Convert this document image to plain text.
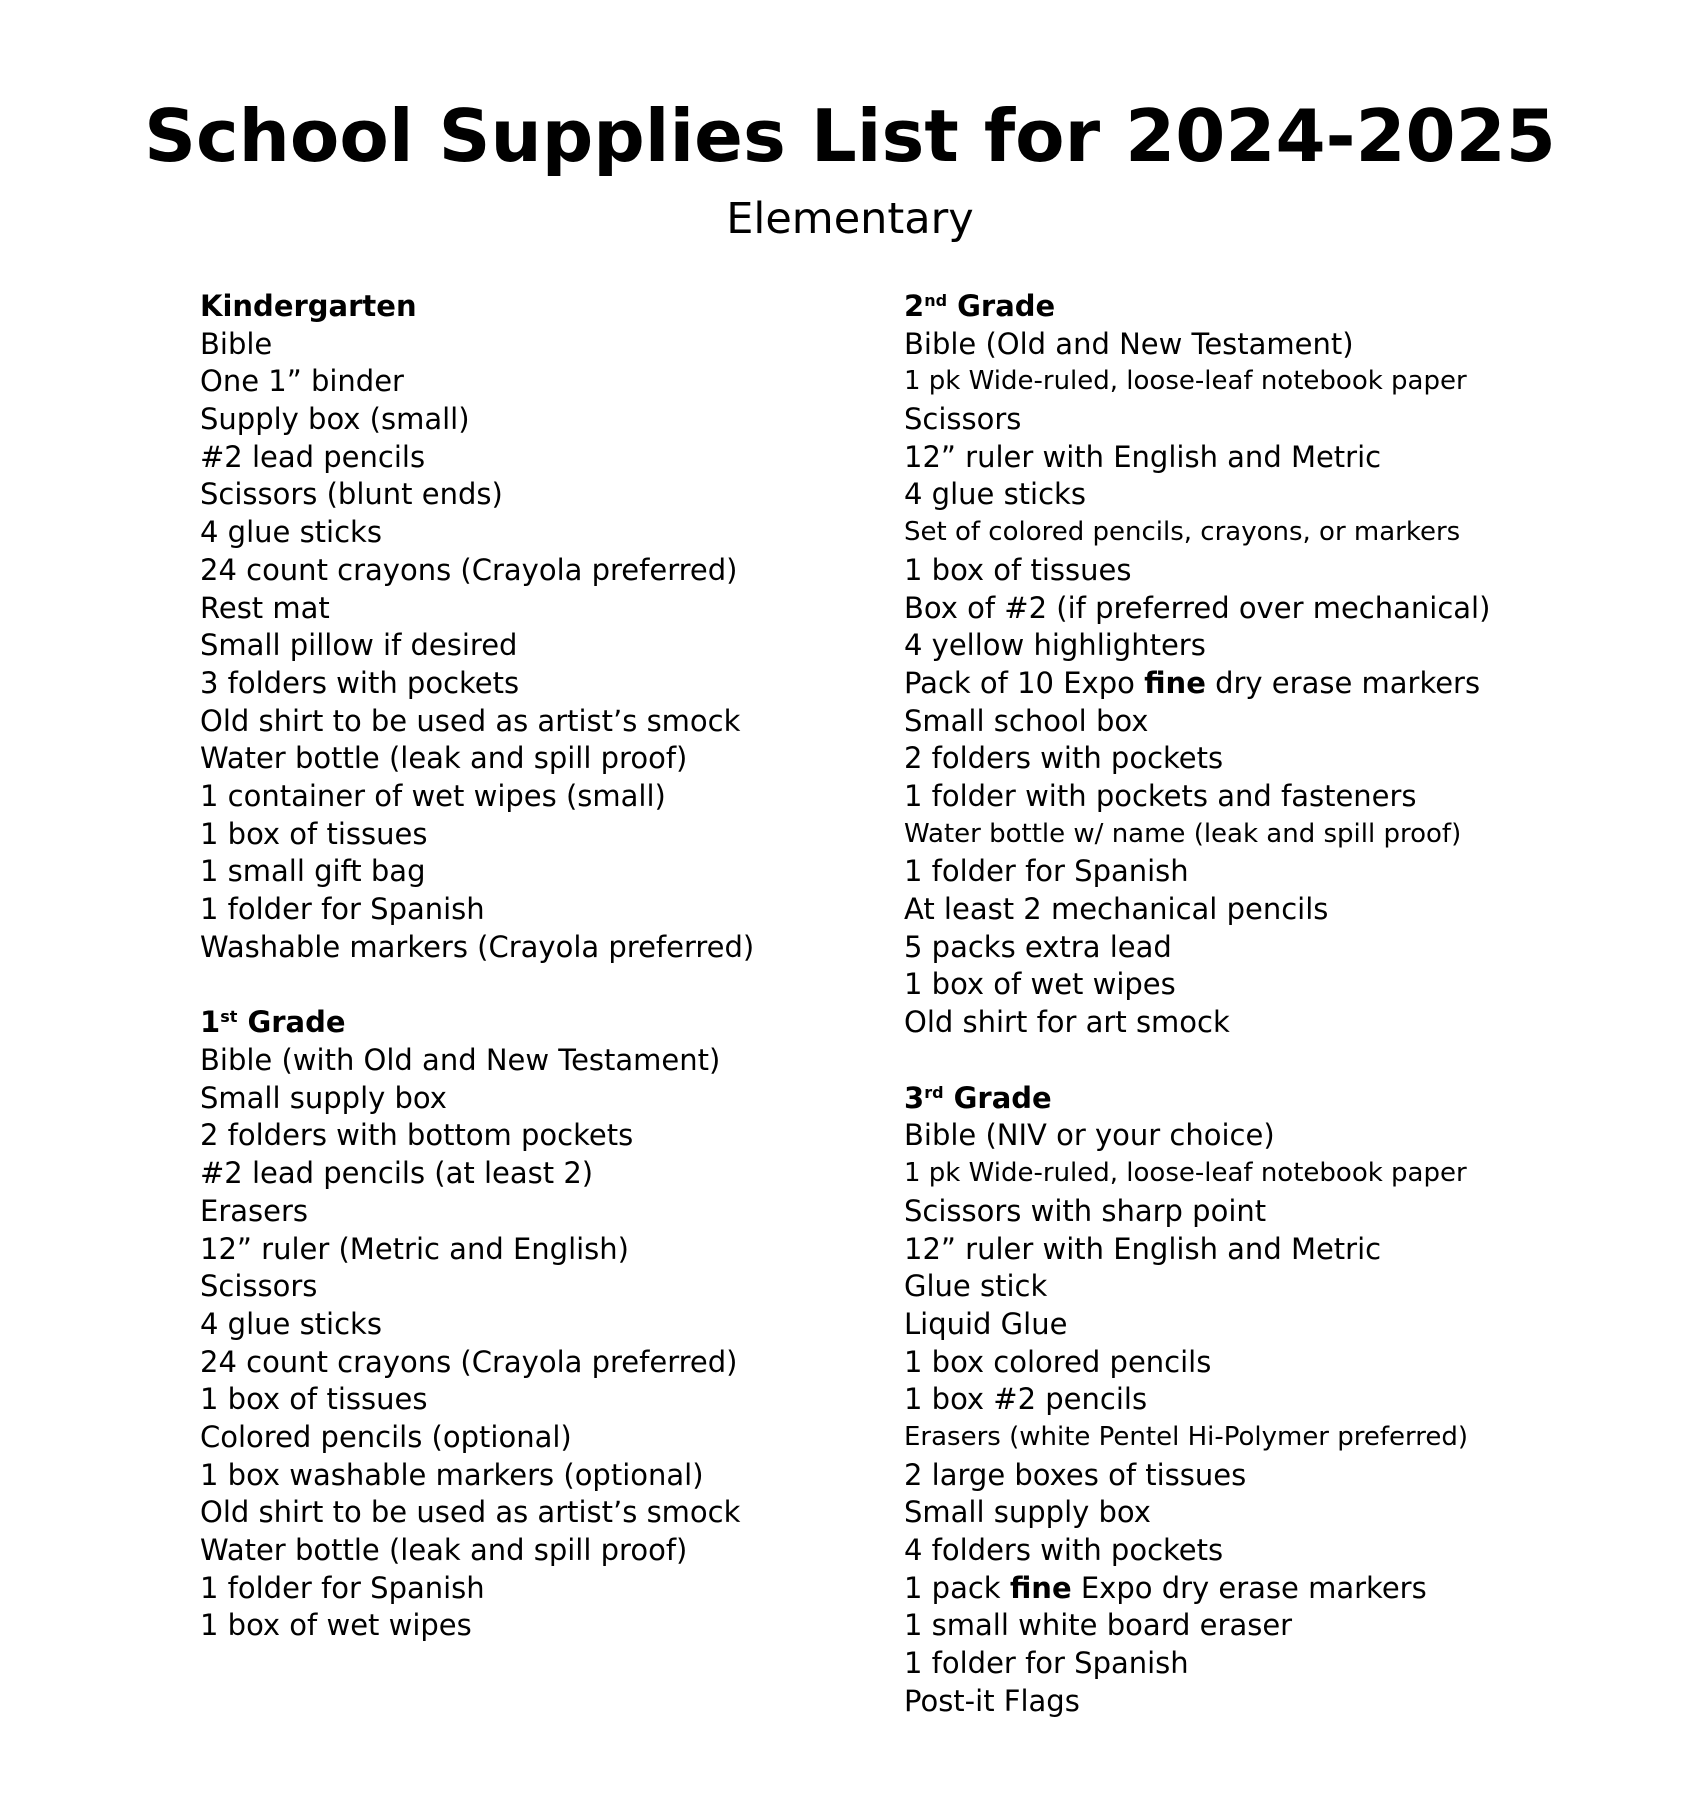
School Supplies List for 2024-2025
Elementary
Kindergarten
Bible
One 1” binder
Supply box (small)
#2 lead pencils
Scissors (blunt ends)
4 glue sticks
24 count crayons (Crayola preferred)
Rest mat
Small pillow if desired
3 folders with pockets
Old shirt to be used as artist’s smock
Water bottle (leak and spill proof)
1 container of wet wipes (small)
1 box of tissues
1 small gift bag
1 folder for Spanish
Washable markers (Crayola preferred)
1st Grade
Bible (with Old and New Testament)
Small supply box
2 folders with bottom pockets
#2 lead pencils (at least 2)
Erasers
12” ruler (Metric and English)
Scissors
4 glue sticks
24 count crayons (Crayola preferred)
1 box of tissues
Colored pencils (optional)
1 box washable markers (optional)
Old shirt to be used as artist’s smock
Water bottle (leak and spill proof)
1 folder for Spanish
1 box of wet wipes
2nd Grade
Bible (Old and New Testament)
1 pk Wide-ruled, loose-leaf notebook paper
Scissors
12” ruler with English and Metric
4 glue sticks
Set of colored pencils, crayons, or markers
1 box of tissues
Box of #2 (if preferred over mechanical)
4 yellow highlighters
Pack of 10 Expo fine dry erase markers
Small school box
2 folders with pockets
1 folder with pockets and fasteners
Water bottle w/ name (leak and spill proof)
1 folder for Spanish
At least 2 mechanical pencils
5 packs extra lead
1 box of wet wipes
Old shirt for art smock
3rd Grade
Bible (NIV or your choice)
1 pk Wide-ruled, loose-leaf notebook paper
Scissors with sharp point
12” ruler with English and Metric
Glue stick
Liquid Glue
1 box colored pencils
1 box #2 pencils
Erasers (white Pentel Hi-Polymer preferred)
2 large boxes of tissues
Small supply box
4 folders with pockets
1 pack fine Expo dry erase markers
1 small white board eraser
1 folder for Spanish
Post-it Flags
